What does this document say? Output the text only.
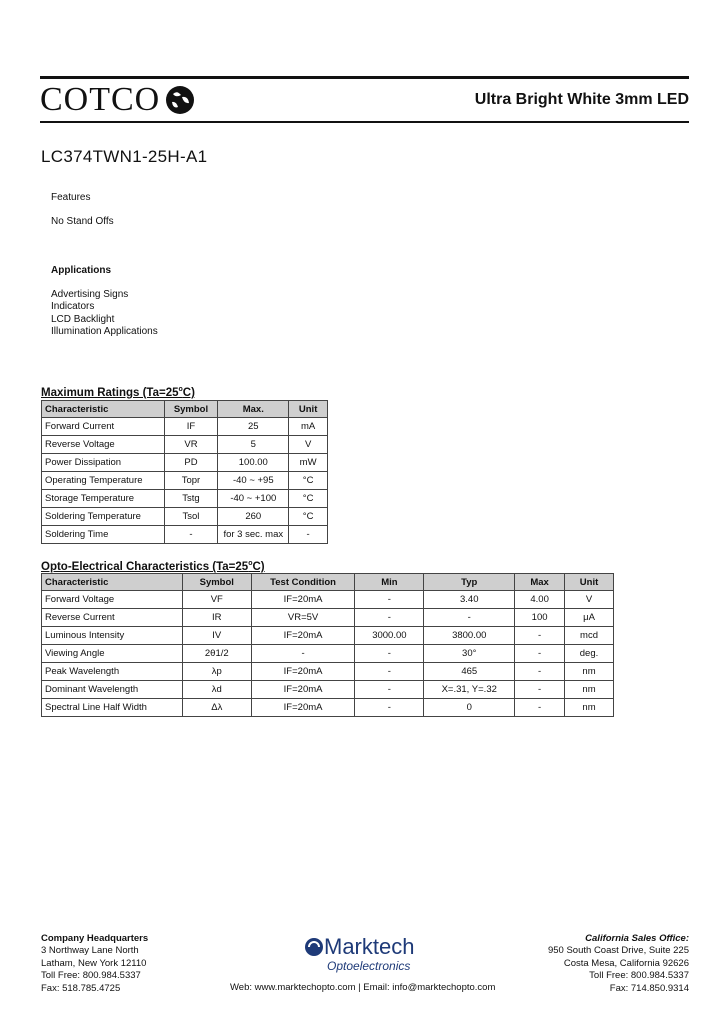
COTCO	Ultra Bright White 3mm LED
LC374TWN1-25H-A1
Features
No Stand Offs
Applications
Advertising Signs
Indicators
LCD Backlight
Illumination Applications
Maximum Ratings $(Ta=25^oC)$
Characteristic	Symbol	Max.	Unit
Forward Current	IF	25	mA
Reverse Voltage	VR	5	V
Power Dissipation	PD	100.00	mW
Operating Temperature	Topr	-40 ~ +95	°C
Storage Temperature	Tstg	-40 ~ +100	°C
Soldering Temperature	Tsol	260	°C
Soldering Time	-	for 3 sec. max	-
Opto-Electrical Characteristics $(Ta=25^oC)$
Characteristic	Symbol	Test Condition	Min	Typ	Max	Unit
Forward Voltage	VF	IF=20mA	-	3.40	4.00	V
Reverse Current	IR	VR=5V	-	-	100	μA
Luminous Intensity	IV	IF=20mA	3000.00	3800.00	-	mcd
Viewing Angle	2θ1/2	-	-	30°	-	deg.
Peak Wavelength	λp	IF=20mA	-	465	-	nm
Dominant Wavelength	λd	IF=20mA	-	X=.31, Y=.32	-	nm
Spectral Line Half Width	Δλ	IF=20mA	-	0	-	nm
Company Headquarters
3 Northway Lane North
Latham, New York 12110
Toll Free: 800.984.5337
Fax: 518.785.4725
Marktech
Optoelectronics
Web: www.marktechopto.com | Email: info@marktechopto.com
California Sales Office:
950 South Coast Drive, Suite 225
Costa Mesa, California 92626
Toll Free: 800.984.5337
Fax: 714.850.9314
